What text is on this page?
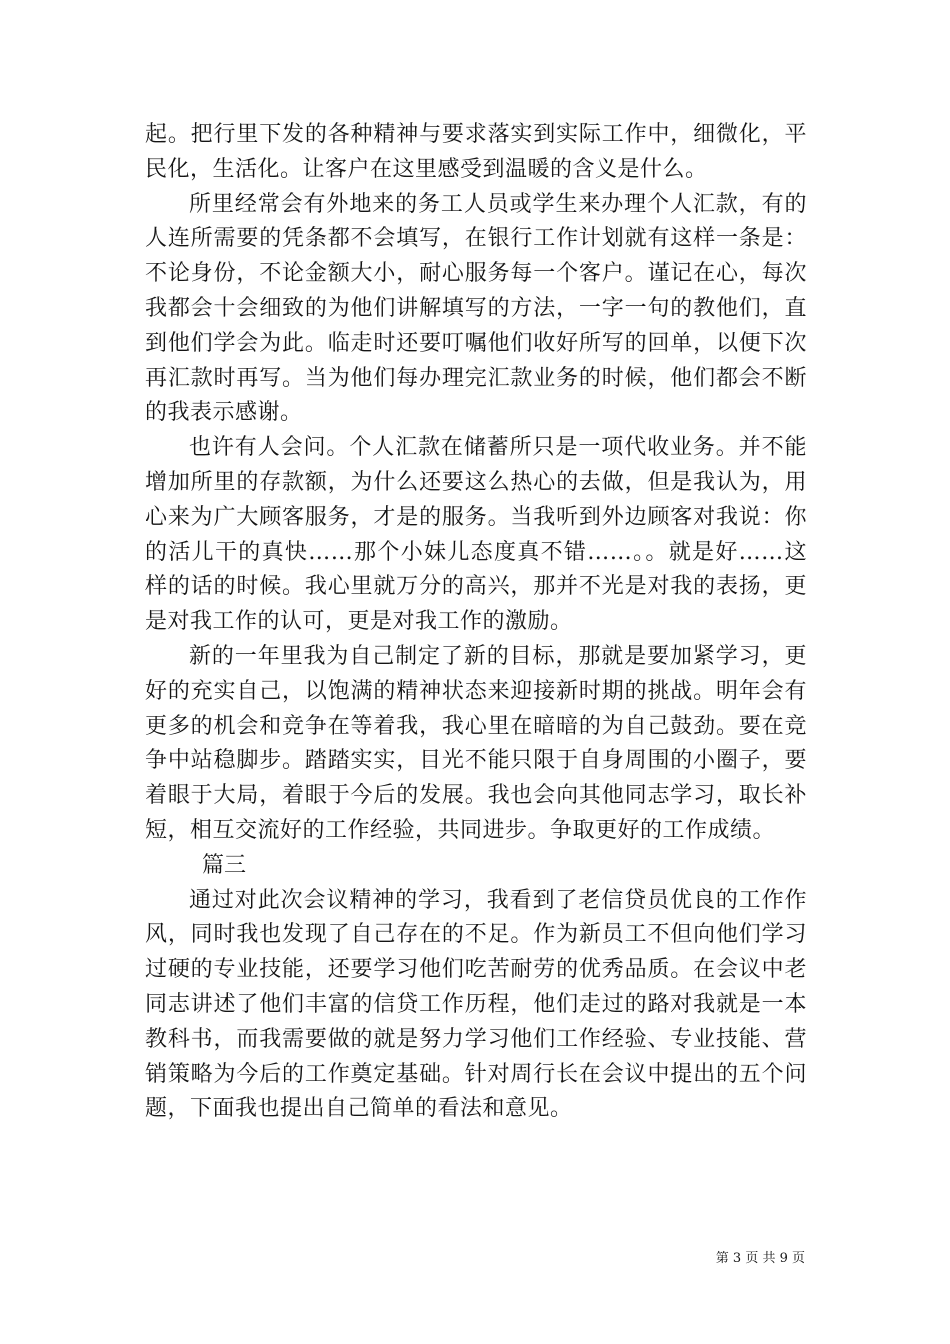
起。把行里下发的各种精神与要求落实到实际工作中，细微化，平民化，生活化。让客户在这里感受到温暖的含义是什么。

所里经常会有外地来的务工人员或学生来办理个人汇款，有的人连所需要的凭条都不会填写，在银行工作计划就有这样一条是：不论身份，不论金额大小，耐心服务每一个客户。谨记在心，每次我都会十会细致的为他们讲解填写的方法，一字一句的教他们，直到他们学会为此。临走时还要叮嘱他们收好所写的回单，以便下次再汇款时再写。当为他们每办理完汇款业务的时候，他们都会不断的我表示感谢。

也许有人会问。个人汇款在储蓄所只是一项代收业务。并不能增加所里的存款额，为什么还要这么热心的去做，但是我认为，用心来为广大顾客服务，才是的服务。当我听到外边顾客对我说：你的活儿干的真快……那个小妹儿态度真不错……。。就是好……这样的话的时候。我心里就万分的高兴，那并不光是对我的表扬，更是对我工作的认可，更是对我工作的激励。

新的一年里我为自己制定了新的目标，那就是要加紧学习，更好的充实自己，以饱满的精神状态来迎接新时期的挑战。明年会有更多的机会和竞争在等着我，我心里在暗暗的为自己鼓劲。要在竞争中站稳脚步。踏踏实实，目光不能只限于自身周围的小圈子，要着眼于大局，着眼于今后的发展。我也会向其他同志学习，取长补短，相互交流好的工作经验，共同进步。争取更好的工作成绩。

篇三

通过对此次会议精神的学习，我看到了老信贷员优良的工作作风，同时我也发现了自己存在的不足。作为新员工不但向他们学习过硬的专业技能，还要学习他们吃苦耐劳的优秀品质。在会议中老同志讲述了他们丰富的信贷工作历程，他们走过的路对我就是一本教科书，而我需要做的就是努力学习他们工作经验、专业技能、营销策略为今后的工作奠定基础。针对周行长在会议中提出的五个问题，下面我也提出自己简单的看法和意见。

第 3 页 共 9 页
